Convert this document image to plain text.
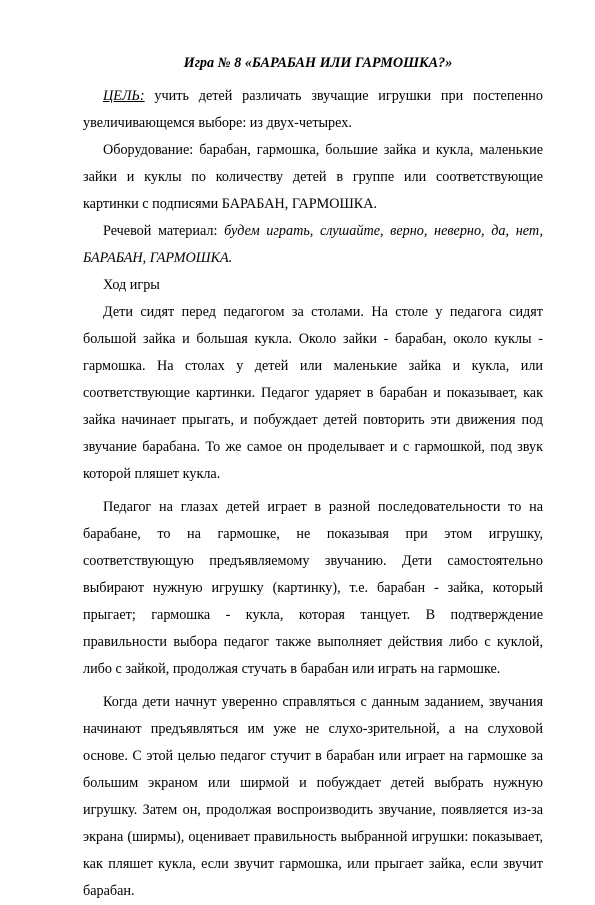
Игра № 8 «БАРАБАН ИЛИ ГАРМОШКА?»

ЦЕЛЬ: учить детей различать звучащие игрушки при постепенно увеличивающемся выборе: из двух-четырех.

Оборудование: барабан, гармошка, большие зайка и кукла, маленькие зайки и куклы по количеству детей в группе или соответствующие картинки с подписями БАРАБАН, ГАРМОШКА.

Речевой материал: будем играть, слушайте, верно, неверно, да, нет, БАРАБАН, ГАРМОШКА.

Ход игры

Дети сидят перед педагогом за столами. На столе у педагога сидят большой зайка и большая кукла. Около зайки - барабан, около куклы - гармошка. На столах у детей или маленькие зайка и кукла, или соответствующие картинки. Педагог ударяет в барабан и показывает, как зайка начинает прыгать, и побуждает детей повторить эти движения под звучание барабана. То же самое он проделывает и с гармошкой, под звук которой пляшет кукла.

Педагог на глазах детей играет в разной последовательности то на барабане, то на гармошке, не показывая при этом игрушку, соответствующую предъявляемому звучанию. Дети самостоятельно выбирают нужную игрушку (картинку), т.е. барабан - зайка, который прыгает; гармошка - кукла, которая танцует. В подтверждение правильности выбора педагог также выполняет действия либо с куклой, либо с зайкой, продолжая стучать в барабан или играть на гармошке.

Когда дети начнут уверенно справляться с данным заданием, звучания начинают предъявляться им уже не слухо-зрительной, а на слуховой основе. С этой целью педагог стучит в барабан или играет на гармошке за большим экраном или ширмой и побуждает детей выбрать нужную игрушку. Затем он, продолжая воспроизводить звучание, появляется из-за экрана (ширмы), оценивает правильность выбранной игрушки: показывает, как пляшет кукла, если звучит гармошка, или прыгает зайка, если звучит барабан.
